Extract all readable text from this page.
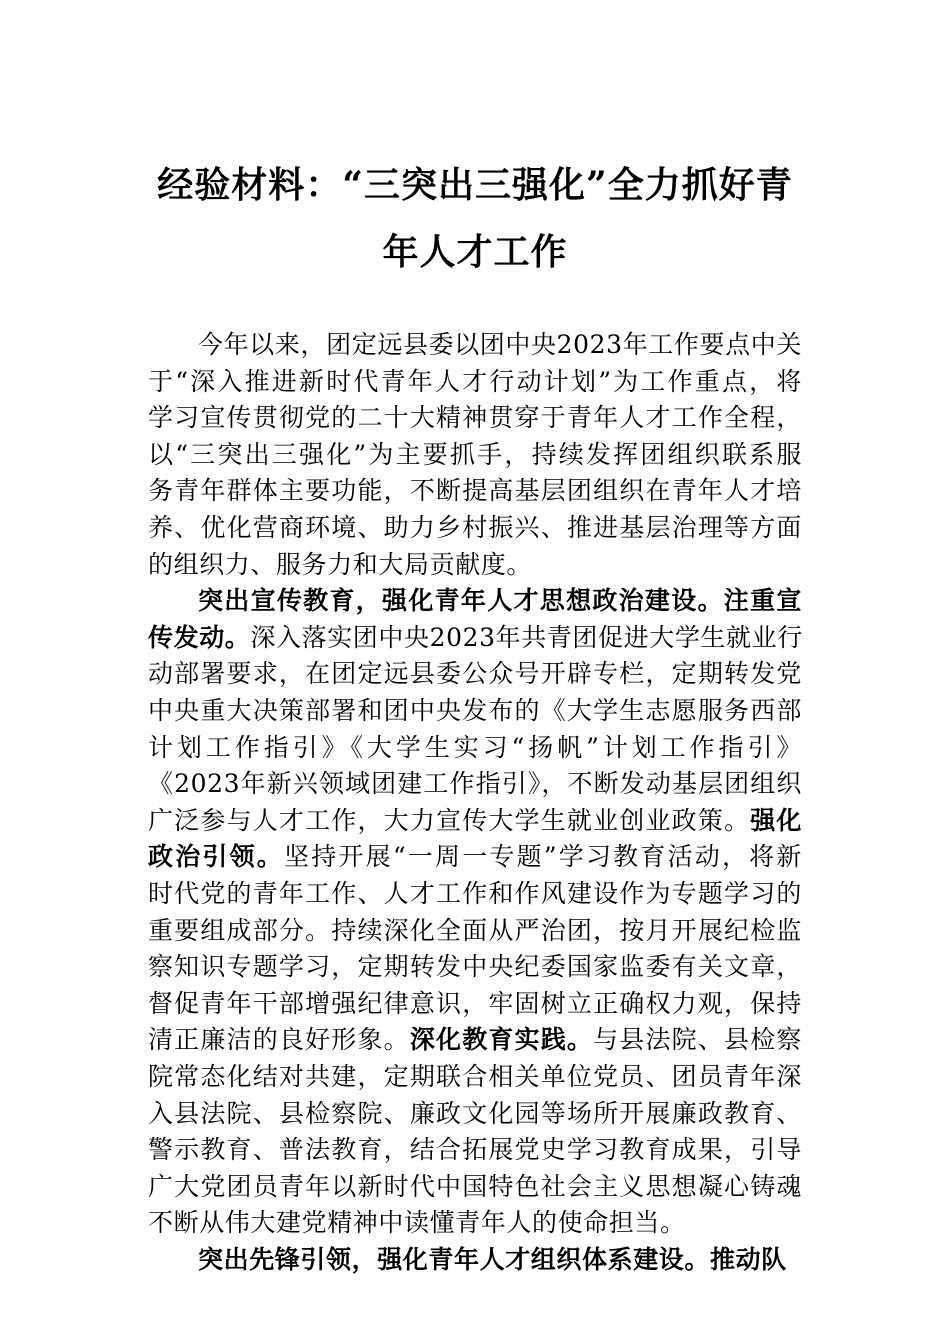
经验材料：“三突出三强化”全力抓好青
年人才工作
今年以来，团定远县委以团中央2023年工作要点中关
于“深入推进新时代青年人才行动计划”为工作重点，将
学习宣传贯彻党的二十大精神贯穿于青年人才工作全程，
以“三突出三强化”为主要抓手，持续发挥团组织联系服
务青年群体主要功能，不断提高基层团组织在青年人才培
养、优化营商环境、助力乡村振兴、推进基层治理等方面
的组织力、服务力和大局贡献度。
突出宣传教育，强化青年人才思想政治建设。注重宣
传发动。深入落实团中央2023年共青团促进大学生就业行
动部署要求，在团定远县委公众号开辟专栏，定期转发党
中央重大决策部署和团中央发布的《大学生志愿服务西部
计划工作指引》《大学生实习“扬帆”计划工作指引》
《2023年新兴领域团建工作指引》，不断发动基层团组织
广泛参与人才工作，大力宣传大学生就业创业政策。强化
政治引领。坚持开展“一周一专题”学习教育活动，将新
时代党的青年工作、人才工作和作风建设作为专题学习的
重要组成部分。持续深化全面从严治团，按月开展纪检监
察知识专题学习，定期转发中央纪委国家监委有关文章，
督促青年干部增强纪律意识，牢固树立正确权力观，保持
清正廉洁的良好形象。深化教育实践。与县法院、县检察
院常态化结对共建，定期联合相关单位党员、团员青年深
入县法院、县检察院、廉政文化园等场所开展廉政教育、
警示教育、普法教育，结合拓展党史学习教育成果，引导
广大党团员青年以新时代中国特色社会主义思想凝心铸魂
不断从伟大建党精神中读懂青年人的使命担当。
突出先锋引领，强化青年人才组织体系建设。推动队
